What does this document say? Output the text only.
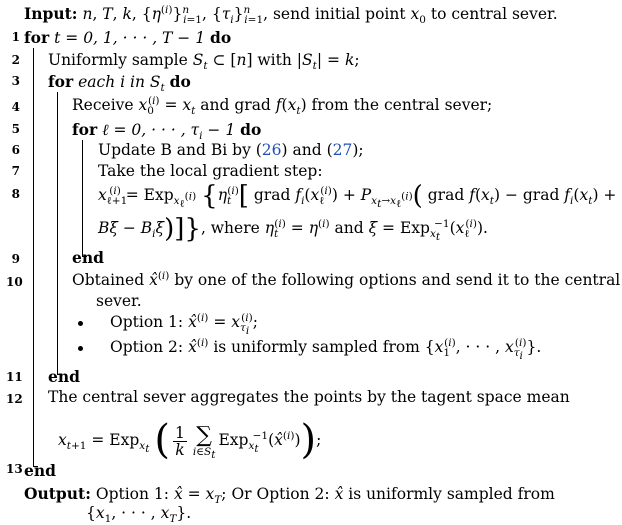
Input: n, T, k, $\{\eta^{(i)}\}^n_{i=1}$, $\{\tau_i\}^n_{i=1}$, send initial point $x_0$ to central sever.
1
2
3
4
5
6
7
8
9
10
11
12
13
for t = 0, 1, · · · , T − 1 do
Uniformly sample $S_t$ ⊂ [n] with $|S_t| = k$;
for each i in $S_t$ do
Receive $x_0^{(i)} = x_t$ and grad $f(x_t)$ from the central sever;
for ℓ = 0, · · · , $\tau_i - 1$ do
Update B and Bi by (26) and (27);
Take the local gradient step:
$x_{\ell+1}^{(i)} = Exp_{x_\ell^{(i)}}$ {$\eta_t^{(i)}$[ grad $f_i(x_\ell^{(i)}) + P_{x_t\to x_\ell^{(i)}}$( grad $f(x_t)$ − grad $f_i(x_t)$ +
$B\xi - B_i\xi$)]}, where $\eta_t^{(i)} = \eta^{(i)}$ and $\xi = Exp_{x_t}^{-1}(x_\ell^{(i)})$.
end
Obtained x̂$^{(i)}$ by one of the following options and send it to the central
sever.
Option 1: x̂$^{(i)}$ = $x_{\tau_i}^{(i)}$;
Option 2: x̂$^{(i)}$ is uniformly sampled from {$x_1^{(i)}$, · · · , $x_{\tau_i}^{(i)}$}.
end
The central sever aggregates the points by the tagent space mean
$x_{t+1} = Exp_{x_t}$ ( $\frac{1}{k}$ ∑
$i\in S_t$
Exp$_{x_t}^{-1}$(x̂$^{(i)}$));
end
Output: Option 1: x̂ = $x_T$; Or Option 2: x̂ is uniformly sampled from
{$x_1$, · · · , $x_T$}.
